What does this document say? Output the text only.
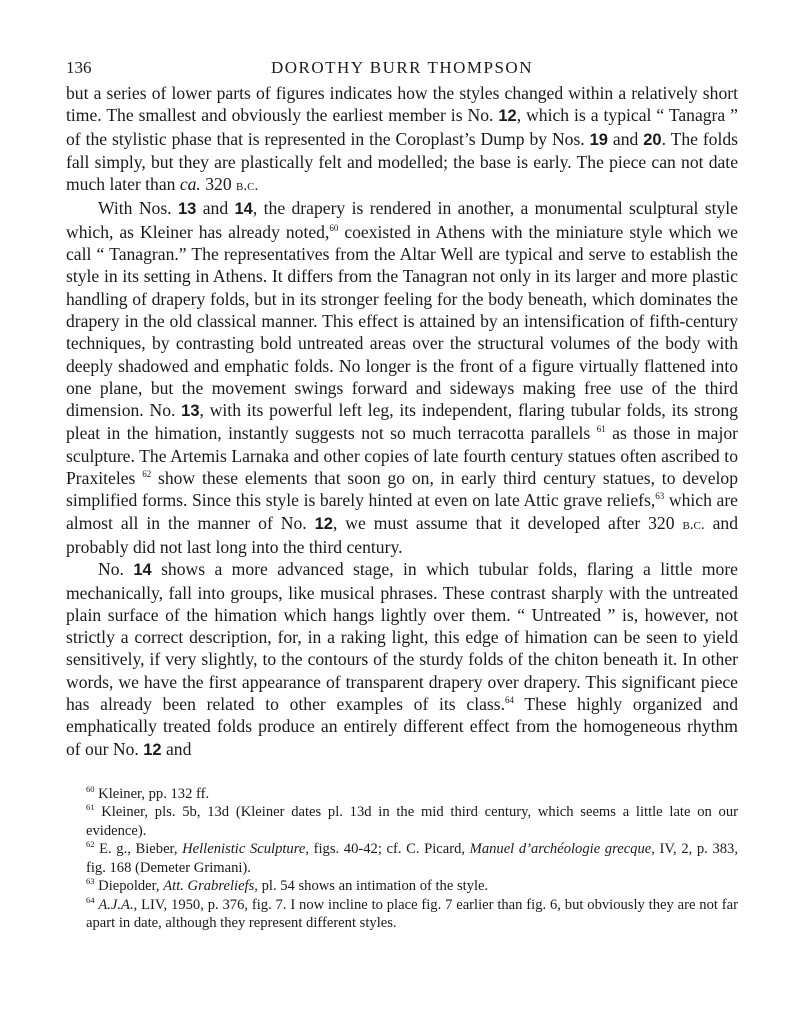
136	DOROTHY BURR THOMPSON

but a series of lower parts of figures indicates how the styles changed within a relatively short time. The smallest and obviously the earliest member is No. 12, which is a typical “ Tanagra ” of the stylistic phase that is represented in the Coroplast’s Dump by Nos. 19 and 20. The folds fall simply, but they are plastically felt and modelled; the base is early. The piece can not date much later than ca. 320 b.c.

With Nos. 13 and 14, the drapery is rendered in another, a monumental sculptural style which, as Kleiner has already noted,$^{60}$ coexisted in Athens with the miniature style which we call “ Tanagran.” The representatives from the Altar Well are typical and serve to establish the style in its setting in Athens. It differs from the Tanagran not only in its larger and more plastic handling of drapery folds, but in its stronger feeling for the body beneath, which dominates the drapery in the old classical manner. This effect is attained by an intensification of fifth-century techniques, by contrasting bold untreated areas over the structural volumes of the body with deeply shadowed and emphatic folds. No longer is the front of a figure virtually flattened into one plane, but the movement swings forward and sideways making free use of the third dimension. No. 13, with its powerful left leg, its independent, flaring tubular folds, its strong pleat in the himation, instantly suggests not so much terracotta parallels $^{61}$ as those in major sculpture. The Artemis Larnaka and other copies of late fourth century statues often ascribed to Praxiteles $^{62}$ show these elements that soon go on, in early third century statues, to develop simplified forms. Since this style is barely hinted at even on late Attic grave reliefs,$^{63}$ which are almost all in the manner of No. 12, we must assume that it developed after 320 b.c. and probably did not last long into the third century.

No. 14 shows a more advanced stage, in which tubular folds, flaring a little more mechanically, fall into groups, like musical phrases. These contrast sharply with the untreated plain surface of the himation which hangs lightly over them. “ Untreated ” is, however, not strictly a correct description, for, in a raking light, this edge of himation can be seen to yield sensitively, if very slightly, to the contours of the sturdy folds of the chiton beneath it. In other words, we have the first appearance of transparent drapery over drapery. This significant piece has already been related to other examples of its class.$^{64}$ These highly organized and emphatically treated folds produce an entirely different effect from the homogeneous rhythm of our No. 12 and

$^{60}$ Kleiner, pp. 132 ff.

$^{61}$ Kleiner, pls. 5b, 13d (Kleiner dates pl. 13d in the mid third century, which seems a little late on our evidence).

$^{62}$ E. g., Bieber, Hellenistic Sculpture, figs. 40-42; cf. C. Picard, Manuel d’archéologie grecque, IV, 2, p. 383, fig. 168 (Demeter Grimani).

$^{63}$ Diepolder, Att. Grabreliefs, pl. 54 shows an intimation of the style.

$^{64}$ A.J.A., LIV, 1950, p. 376, fig. 7. I now incline to place fig. 7 earlier than fig. 6, but obviously they are not far apart in date, although they represent different styles.
